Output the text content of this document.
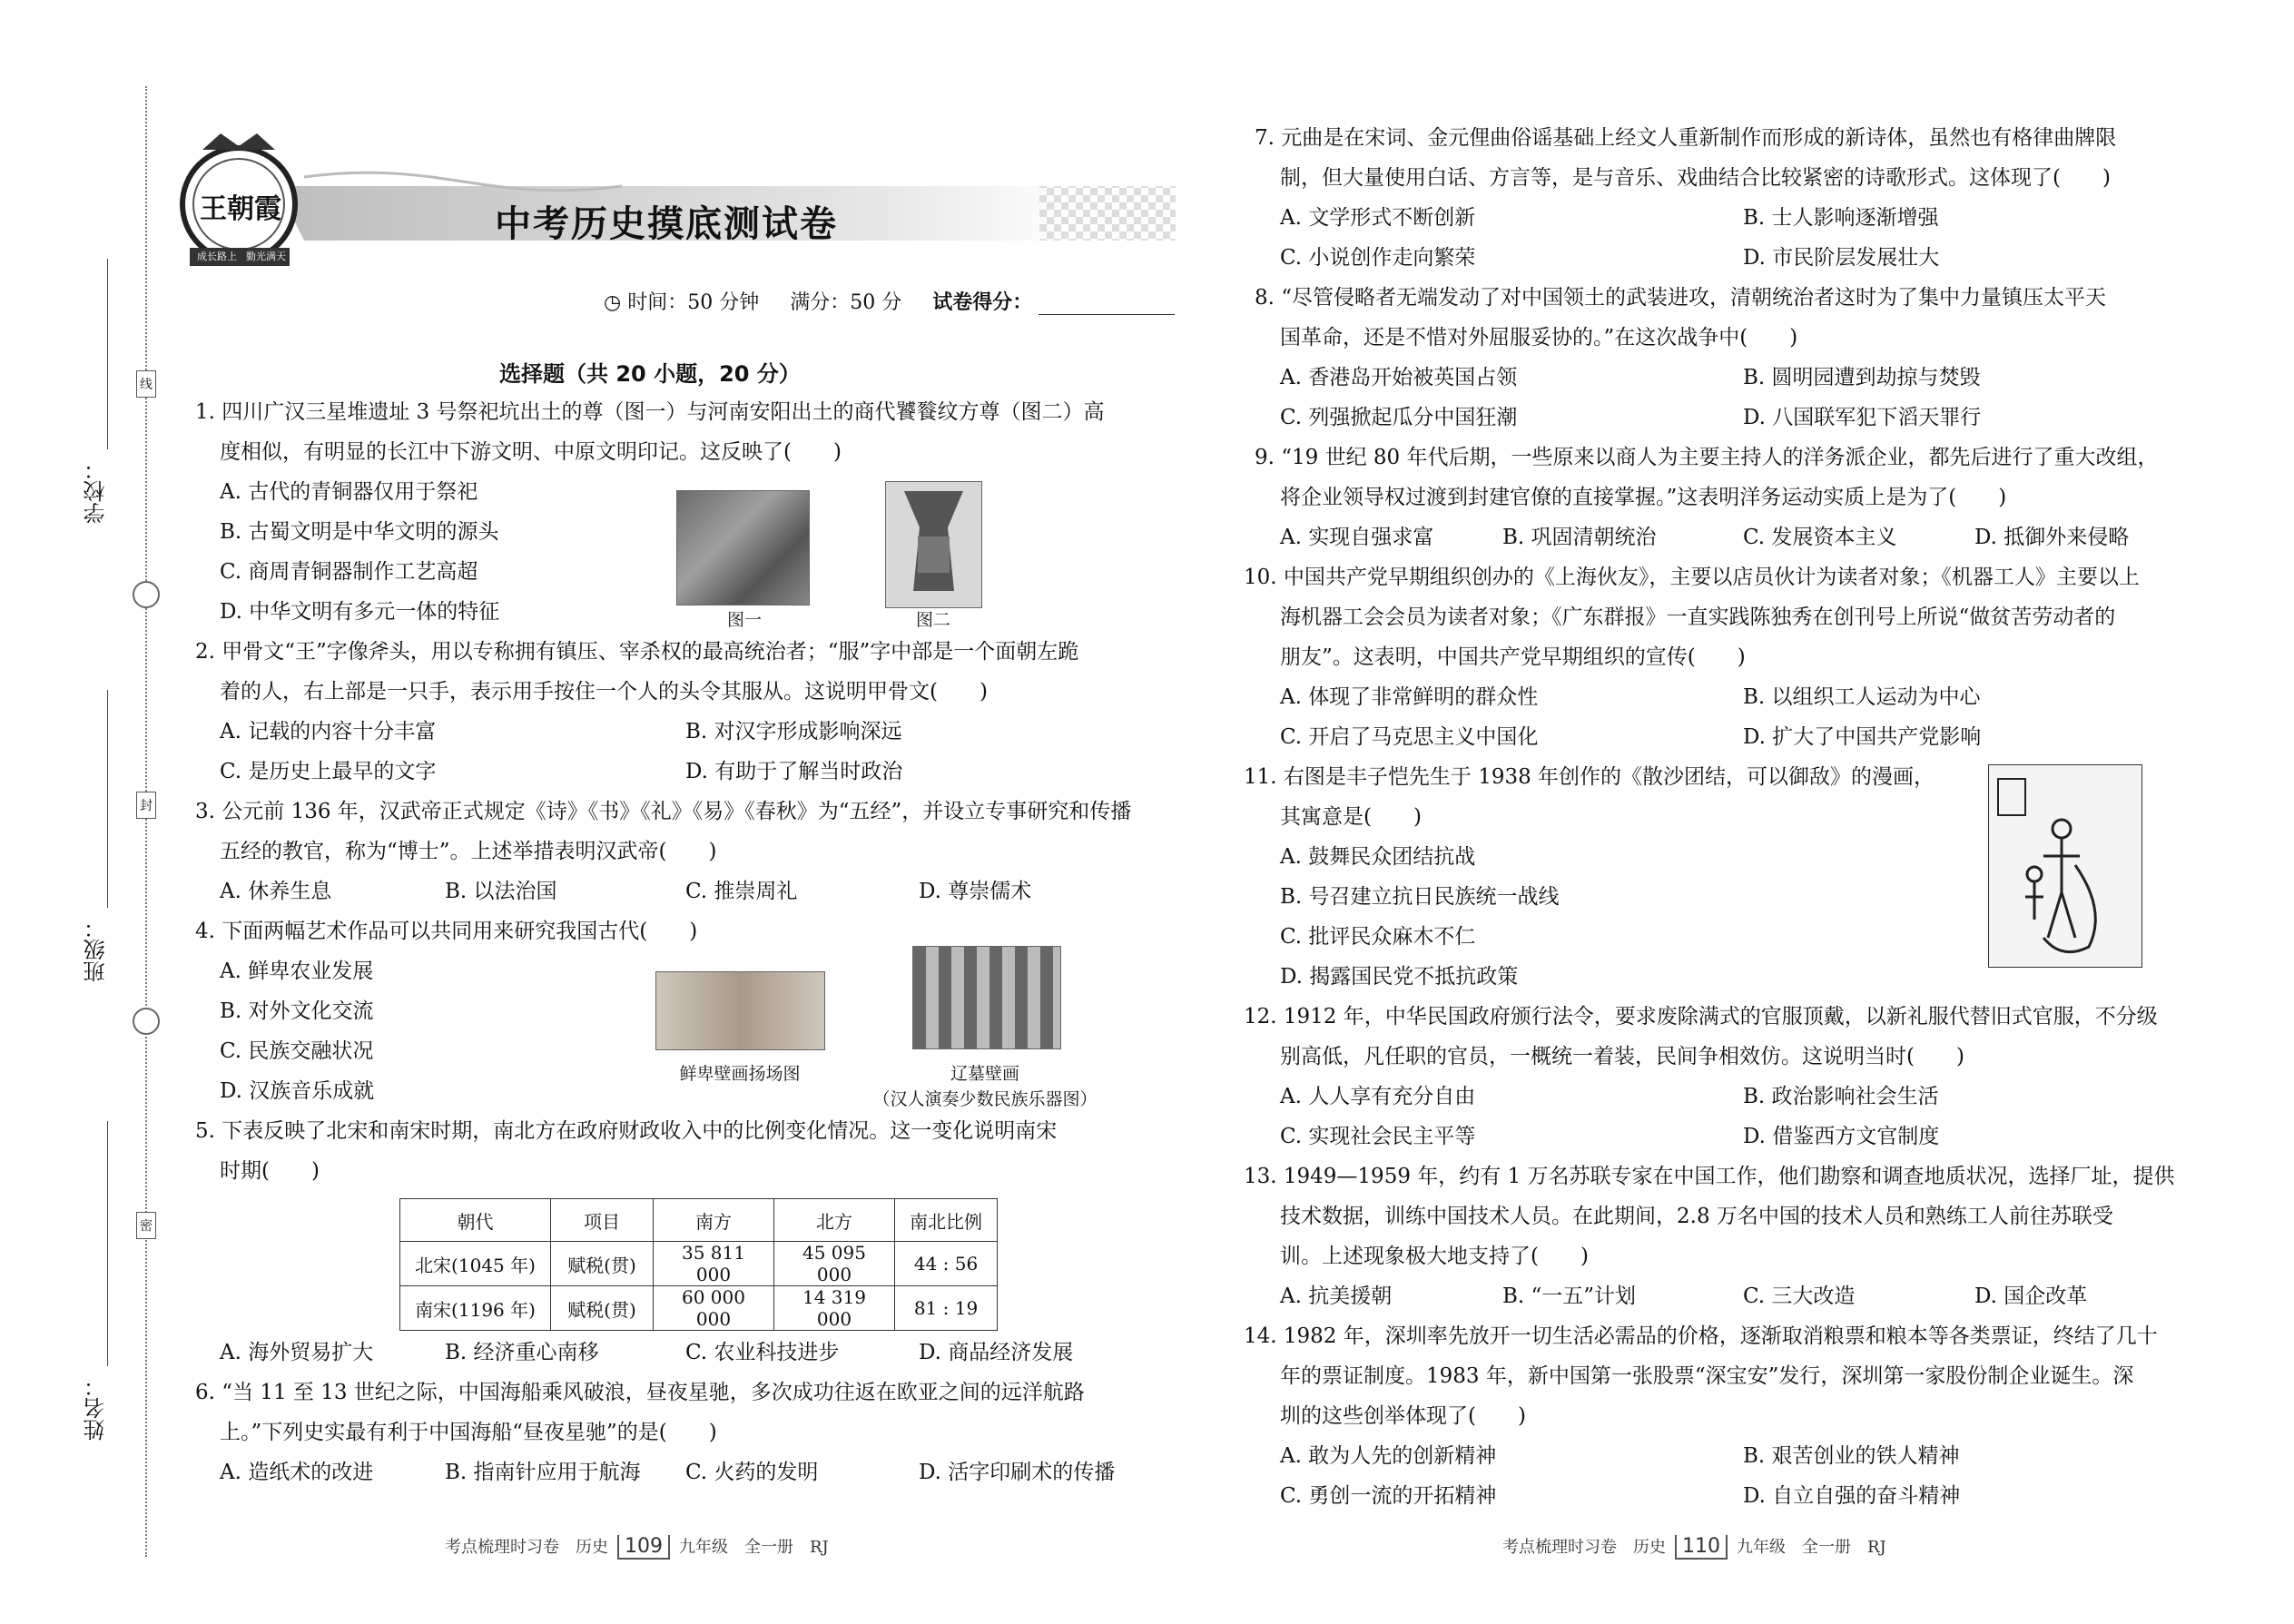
学校：
班级：
姓名：
线
封
密
王朝霞
成长路上 勤光满天
中考历史摸底测试卷
◷ 时间：50 分钟 满分：50 分 试卷得分：
选择题（共 20 小题，20 分）
1. 四川广汉三星堆遗址 3 号祭祀坑出土的尊（图一）与河南安阳出土的商代饕餮纹方尊（图二）高
度相似，有明显的长江中下游文明、中原文明印记。这反映了(　　)
A. 古代的青铜器仅用于祭祀
B. 古蜀文明是中华文明的源头
C. 商周青铜器制作工艺高超
D. 中华文明有多元一体的特征	图一	图二
2. 甲骨文“王”字像斧头，用以专称拥有镇压、宰杀权的最高统治者；“服”字中部是一个面朝左跪
着的人，右上部是一只手，表示用手按住一个人的头令其服从。这说明甲骨文(　　)
A. 记载的内容十分丰富	B. 对汉字形成影响深远
C. 是历史上最早的文字	D. 有助于了解当时政治
3. 公元前 136 年，汉武帝正式规定《诗》《书》《礼》《易》《春秋》为“五经”，并设立专事研究和传播
五经的教官，称为“博士”。上述举措表明汉武帝(　　)
A. 休养生息	B. 以法治国	C. 推崇周礼	D. 尊崇儒术
4. 下面两幅艺术作品可以共同用来研究我国古代(　　)
A. 鲜卑农业发展
B. 对外文化交流
C. 民族交融状况
D. 汉族音乐成就
鲜卑壁画扬场图	辽墓壁画
（汉人演奏少数民族乐器图）
5. 下表反映了北宋和南宋时期，南北方在政府财政收入中的比例变化情况。这一变化说明南宋
时期(　　)
朝代	项目	南方	北方	南北比例
北宋(1045 年)	赋税(贯)	35 811 000	45 095 000	44 : 56
南宋(1196 年)	赋税(贯)	60 000 000	14 319 000	81 : 19
A. 海外贸易扩大	B. 经济重心南移	C. 农业科技进步	D. 商品经济发展
6. “当 11 至 13 世纪之际，中国海船乘风破浪，昼夜星驰，多次成功往返在欧亚之间的远洋航路
上。”下列史实最有利于中国海船“昼夜星驰”的是(　　)
A. 造纸术的改进	B. 指南针应用于航海 C. 火药的发明	D. 活字印刷术的传播
考点梳理时习卷　历史 109 九年级　全一册　RJ
7. 元曲是在宋词、金元俚曲俗谣基础上经文人重新制作而形成的新诗体，虽然也有格律曲牌限
制，但大量使用白话、方言等，是与音乐、戏曲结合比较紧密的诗歌形式。这体现了(　　)
A. 文学形式不断创新	B. 士人影响逐渐增强
C. 小说创作走向繁荣	D. 市民阶层发展壮大
8. “尽管侵略者无端发动了对中国领土的武装进攻，清朝统治者这时为了集中力量镇压太平天
国革命，还是不惜对外屈服妥协的。”在这次战争中(　　)
A. 香港岛开始被英国占领	B. 圆明园遭到劫掠与焚毁
C. 列强掀起瓜分中国狂潮	D. 八国联军犯下滔天罪行
9. “19 世纪 80 年代后期，一些原来以商人为主要主持人的洋务派企业，都先后进行了重大改组，
将企业领导权过渡到封建官僚的直接掌握。”这表明洋务运动实质上是为了(　　)
A. 实现自强求富	B. 巩固清朝统治	C. 发展资本主义	D. 抵御外来侵略
10. 中国共产党早期组织创办的《上海伙友》，主要以店员伙计为读者对象；《机器工人》主要以上
海机器工会会员为读者对象；《广东群报》一直实践陈独秀在创刊号上所说“做贫苦劳动者的
朋友”。这表明，中国共产党早期组织的宣传(　　)
A. 体现了非常鲜明的群众性	B. 以组织工人运动为中心
C. 开启了马克思主义中国化	D. 扩大了中国共产党影响
11. 右图是丰子恺先生于 1938 年创作的《散沙团结，可以御敌》的漫画，
其寓意是(　　)
A. 鼓舞民众团结抗战
B. 号召建立抗日民族统一战线
C. 批评民众麻木不仁
D. 揭露国民党不抵抗政策
12. 1912 年，中华民国政府颁行法令，要求废除满式的官服顶戴，以新礼服代替旧式官服，不分级
别高低，凡任职的官员，一概统一着装，民间争相效仿。这说明当时(　　)
A. 人人享有充分自由	B. 政治影响社会生活
C. 实现社会民主平等	D. 借鉴西方文官制度
13. 1949—1959 年，约有 1 万名苏联专家在中国工作，他们勘察和调查地质状况，选择厂址，提供
技术数据，训练中国技术人员。在此期间，2.8 万名中国的技术人员和熟练工人前往苏联受
训。上述现象极大地支持了(　　)
A. 抗美援朝	B. “一五”计划	C. 三大改造	D. 国企改革
14. 1982 年，深圳率先放开一切生活必需品的价格，逐渐取消粮票和粮本等各类票证，终结了几十
年的票证制度。1983 年，新中国第一张股票“深宝安”发行，深圳第一家股份制企业诞生。深
圳的这些创举体现了(　　)
A. 敢为人先的创新精神	B. 艰苦创业的铁人精神
C. 勇创一流的开拓精神	D. 自立自强的奋斗精神
考点梳理时习卷　历史 110 九年级　全一册　RJ
